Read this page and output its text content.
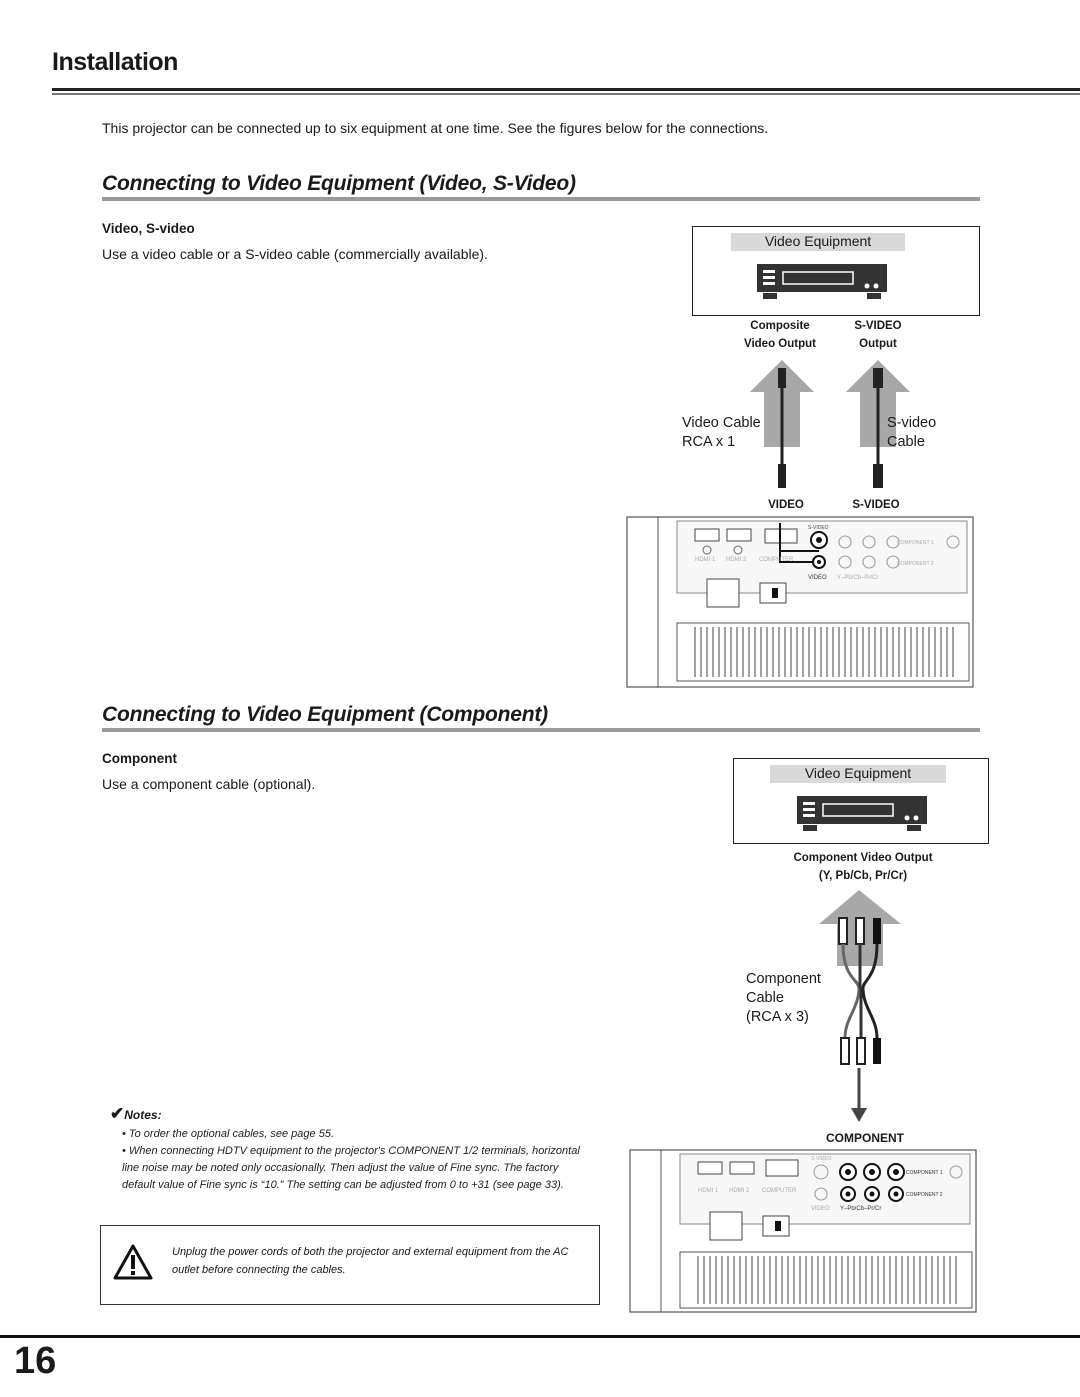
Installation
This projector can be connected up to six equipment at one time. See the figures below for the connections.
Connecting to Video Equipment (Video, S-Video)
Video, S-video
Use a video cable or a S-video cable (commercially available).
Video Equipment
Composite
Video Output
S-VIDEO
Output
Video Cable
RCA x 1
S-video
Cable
VIDEO	S-VIDEO
HDMI 1 HDMI 2 COMPUTER
S-VIDEO
VIDEO Y–Pb/Cb–Pr/Cr
COMPONENT 1
COMPONENT 2
Connecting to Video Equipment (Component)
Component
Use a component cable (optional).
Video Equipment
Component Video Output
(Y, Pb/Cb, Pr/Cr)
Component
Cable
(RCA x 3)
COMPONENT
HDMI 1 HDMI 2 COMPUTER
S-VIDEO
VIDEO Y–Pb/Cb–Pr/Cr
COMPONENT 1
COMPONENT 2
✔Notes:
• To order the optional cables, see page 55.
• When connecting HDTV equipment to the projector's COMPONENT 1/2 terminals, horizontal line noise may be noted only occasionally. Then adjust the value of Fine sync. The factory default value of Fine sync is “10.” The setting can be adjusted from 0 to +31 (see page 33).
Unplug the power cords of both the projector and external equipment from the AC outlet before connecting the cables.
16
